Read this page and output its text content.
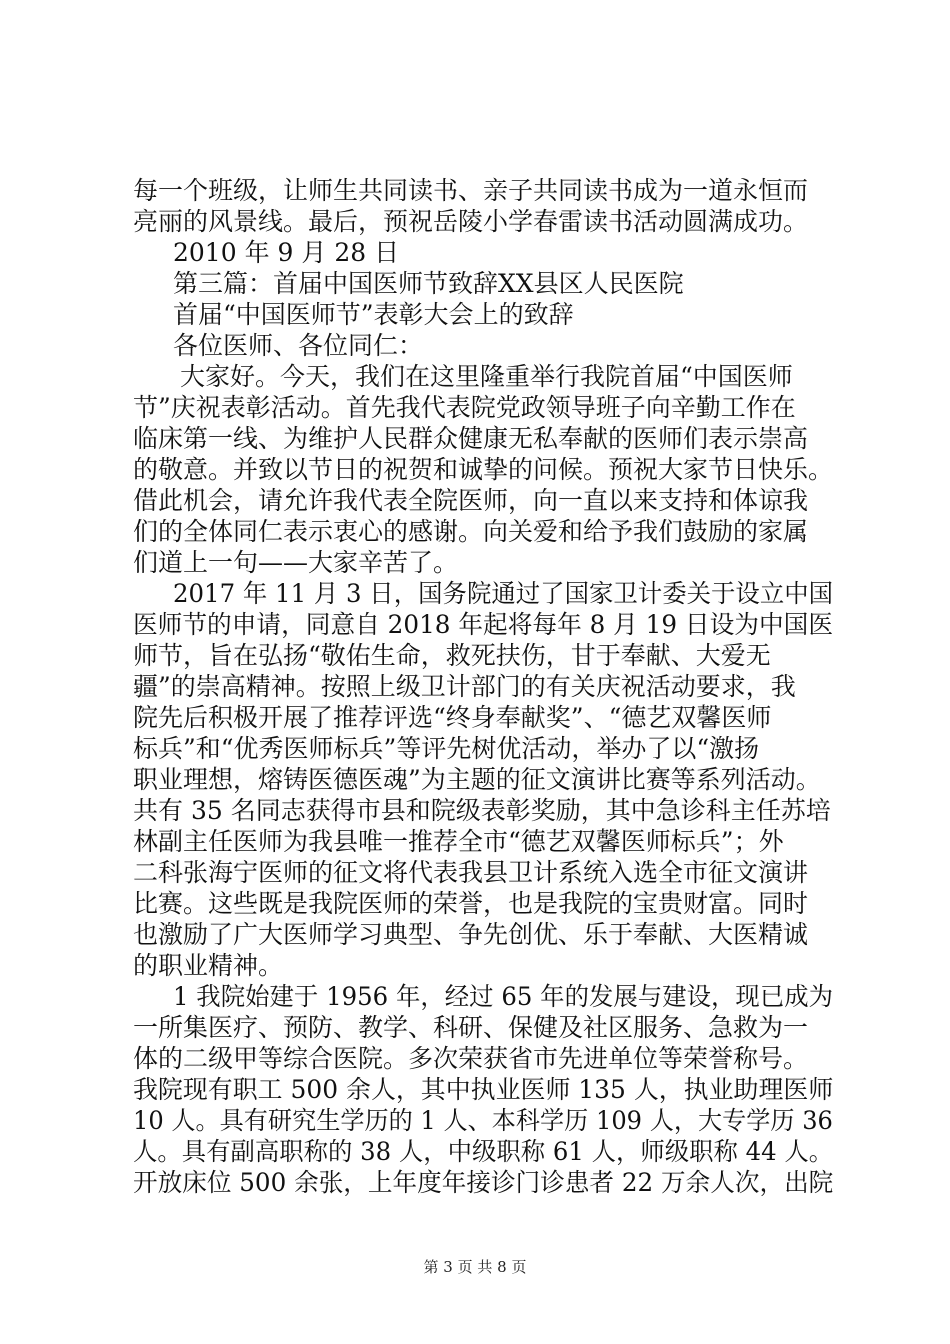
每一个班级，让师生共同读书、亲子共同读书成为一道永恒而
亮丽的风景线。最后，预祝岳陵小学春雷读书活动圆满成功。
2010 年 9 月 28 日
第三篇：首届中国医师节致辞XX县区人民医院
首届“中国医师节”表彰大会上的致辞
各位医师、各位同仁：
大家好。今天，我们在这里隆重举行我院首届“中国医师
节”庆祝表彰活动。首先我代表院党政领导班子向辛勤工作在
临床第一线、为维护人民群众健康无私奉献的医师们表示崇高
的敬意。并致以节日的祝贺和诚挚的问候。预祝大家节日快乐。
借此机会，请允许我代表全院医师，向一直以来支持和体谅我
们的全体同仁表示衷心的感谢。向关爱和给予我们鼓励的家属
们道上一句——大家辛苦了。
2017 年 11 月 3 日，国务院通过了国家卫计委关于设立中国
医师节的申请，同意自 2018 年起将每年 8 月 19 日设为中国医
师节，旨在弘扬“敬佑生命，救死扶伤，甘于奉献、大爱无
疆”的崇高精神。按照上级卫计部门的有关庆祝活动要求，我
院先后积极开展了推荐评选“终身奉献奖”、“德艺双馨医师
标兵”和“优秀医师标兵”等评先树优活动，举办了以“激扬
职业理想，熔铸医德医魂”为主题的征文演讲比赛等系列活动。
共有 35 名同志获得市县和院级表彰奖励，其中急诊科主任苏培
林副主任医师为我县唯一推荐全市“德艺双馨医师标兵”；外
二科张海宁医师的征文将代表我县卫计系统入选全市征文演讲
比赛。这些既是我院医师的荣誉，也是我院的宝贵财富。同时
也激励了广大医师学习典型、争先创优、乐于奉献、大医精诚
的职业精神。
1 我院始建于 1956 年，经过 65 年的发展与建设，现已成为
一所集医疗、预防、教学、科研、保健及社区服务、急救为一
体的二级甲等综合医院。多次荣获省市先进单位等荣誉称号。
我院现有职工 500 余人，其中执业医师 135 人，执业助理医师
10 人。具有研究生学历的 1 人、本科学历 109 人，大专学历 36
人。具有副高职称的 38 人，中级职称 61 人，师级职称 44 人。
开放床位 500 余张，上年度年接诊门诊患者 22 万余人次，出院
第 3 页 共 8 页
